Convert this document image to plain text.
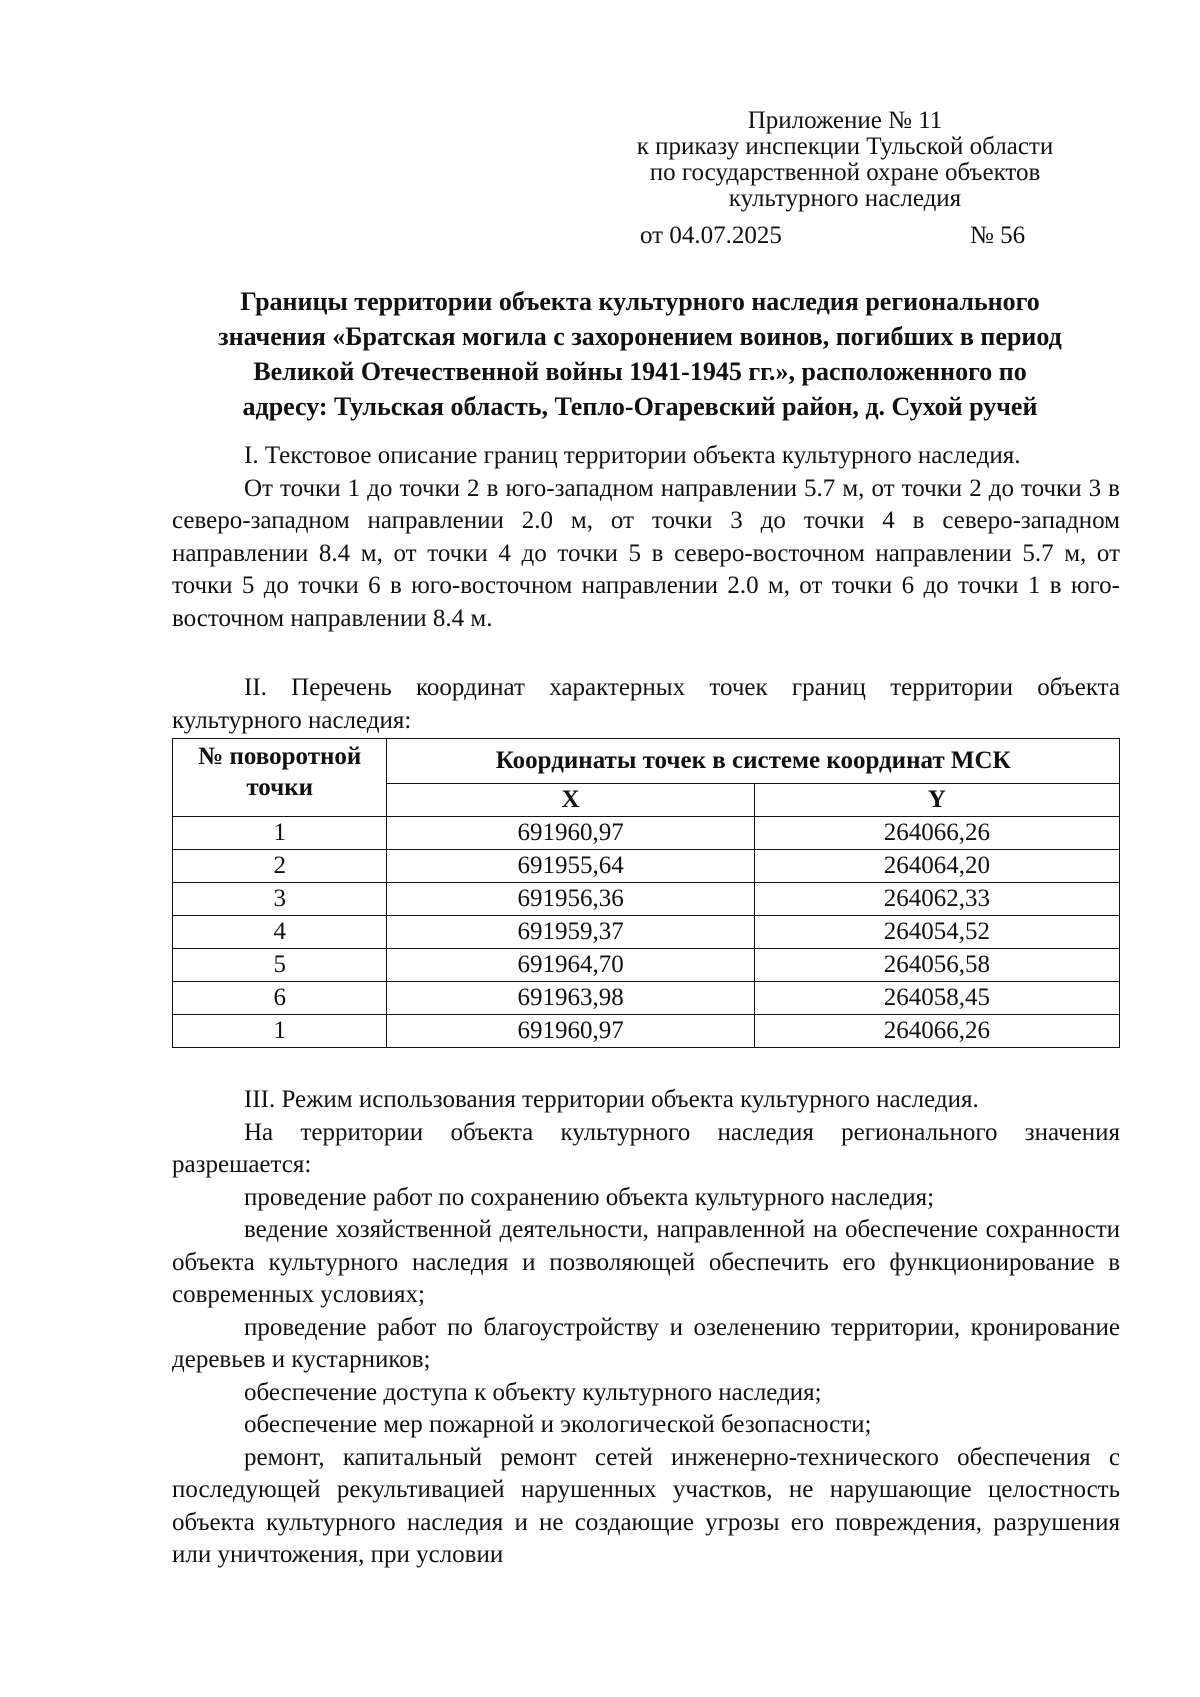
Приложение № 11
к приказу инспекции Тульской области
по государственной охране объектов
культурного наследия
от 04.07.2025	№ 56
Границы территории объекта культурного наследия регионального
значения «Братская могила с захоронением воинов, погибших в период
Великой Отечественной войны 1941-1945 гг.», расположенного по
адресу: Тульская область, Тепло-Огаревский район, д. Сухой ручей

I. Текстовое описание границ территории объекта культурного наследия.

От точки 1 до точки 2 в юго-западном направлении 5.7 м, от точки 2 до точки 3 в северо-западном направлении 2.0 м, от точки 3 до точки 4 в северо-западном направлении 8.4 м, от точки 4 до точки 5 в северо-восточном направлении 5.7 м, от точки 5 до точки 6 в юго-восточном направлении 2.0 м, от точки 6 до точки 1 в юго-восточном направлении 8.4 м.

II. Перечень координат характерных точек границ территории объекта культурного наследия:

№ поворотной точки	Координаты точек в системе координат МСК	
	X	Y
1	691960,97	264066,26
2	691955,64	264064,20
3	691956,36	264062,33
4	691959,37	264054,52
5	691964,70	264056,58
6	691963,98	264058,45
1	691960,97	264066,26

III. Режим использования территории объекта культурного наследия.

На территории объекта культурного наследия регионального значения разрешается:

проведение работ по сохранению объекта культурного наследия;

ведение хозяйственной деятельности, направленной на обеспечение сохранности объекта культурного наследия и позволяющей обеспечить его функционирование в современных условиях;

проведение работ по благоустройству и озеленению территории, кронирование деревьев и кустарников;

обеспечение доступа к объекту культурного наследия;

обеспечение мер пожарной и экологической безопасности;

ремонт, капитальный ремонт сетей инженерно-технического обеспечения с последующей рекультивацией нарушенных участков, не нарушающие целостность объекта культурного наследия и не создающие угрозы его повреждения, разрушения или уничтожения, при условии
